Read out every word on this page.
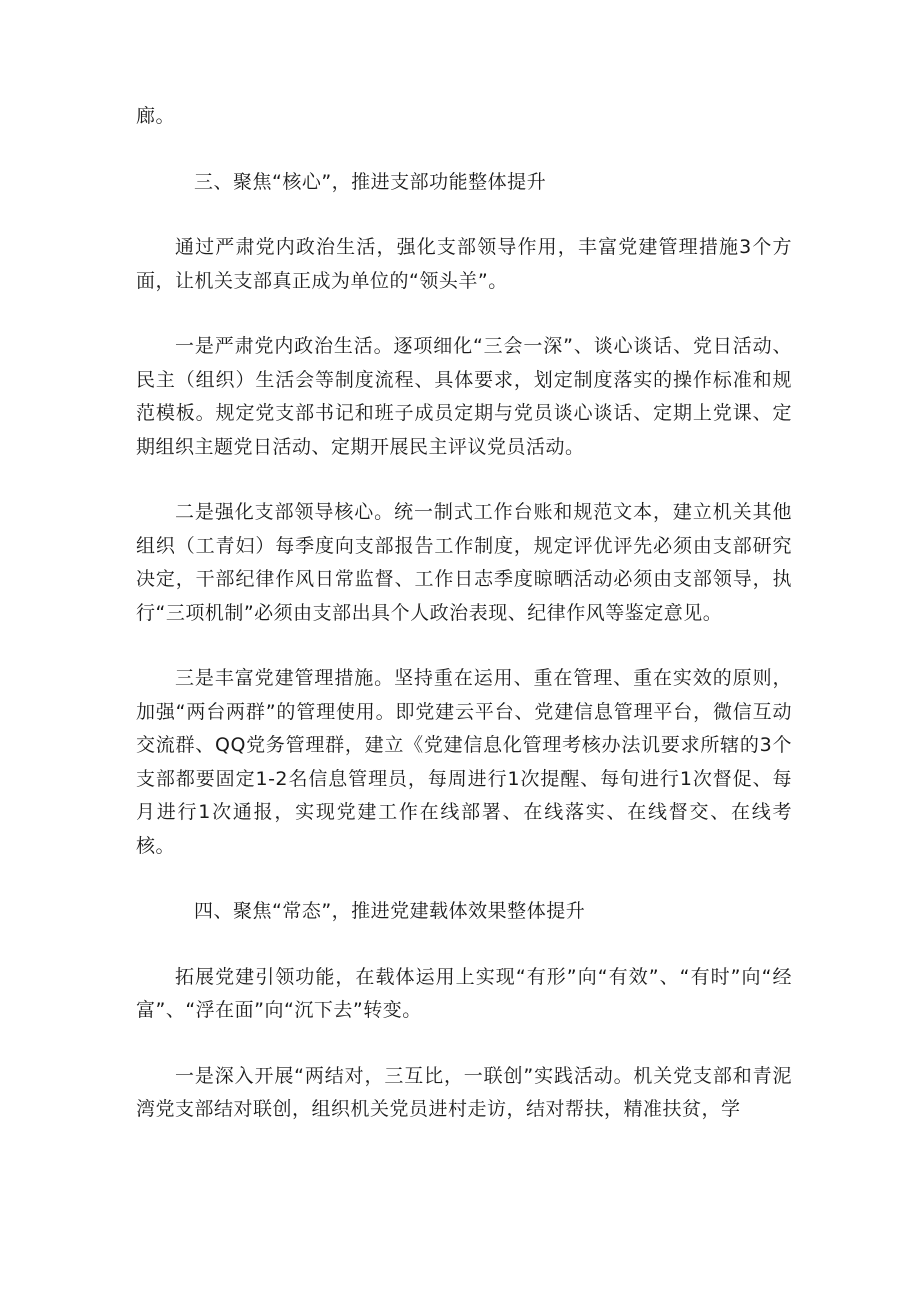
廊。

三、聚焦“核心”，推进支部功能整体提升

通过严肃党内政治生活，强化支部领导作用，丰富党建管理措施3个方面，让机关支部真正成为单位的“领头羊”。

一是严肃党内政治生活。逐项细化“三会一深”、谈心谈话、党日活动、民主（组织）生活会等制度流程、具体要求，划定制度落实的操作标准和规范模板。规定党支部书记和班子成员定期与党员谈心谈话、定期上党课、定期组织主题党日活动、定期开展民主评议党员活动。

二是强化支部领导核心。统一制式工作台账和规范文本，建立机关其他组织（工青妇）每季度向支部报告工作制度，规定评优评先必须由支部研究决定，干部纪律作风日常监督、工作日志季度晾晒活动必须由支部领导，执行“三项机制”必须由支部出具个人政治表现、纪律作风等鉴定意见。

三是丰富党建管理措施。坚持重在运用、重在管理、重在实效的原则，加强“两台两群”的管理使用。即党建云平台、党建信息管理平台，微信互动交流群、QQ党务管理群，建立《党建信息化管理考核办法讥要求所辖的3个支部都要固定1-2名信息管理员，每周进行1次提醒、每旬进行1次督促、每月进行1次通报，实现党建工作在线部署、在线落实、在线督交、在线考核。

四、聚焦“常态”，推进党建载体效果整体提升

拓展党建引领功能，在载体运用上实现“有形”向“有效”、“有时”向“经富”、“浮在面”向“沉下去”转变。

一是深入开展“两结对，三互比，一联创”实践活动。机关党支部和青泥湾党支部结对联创，组织机关党员进村走访，结对帮扶，精准扶贫，学
